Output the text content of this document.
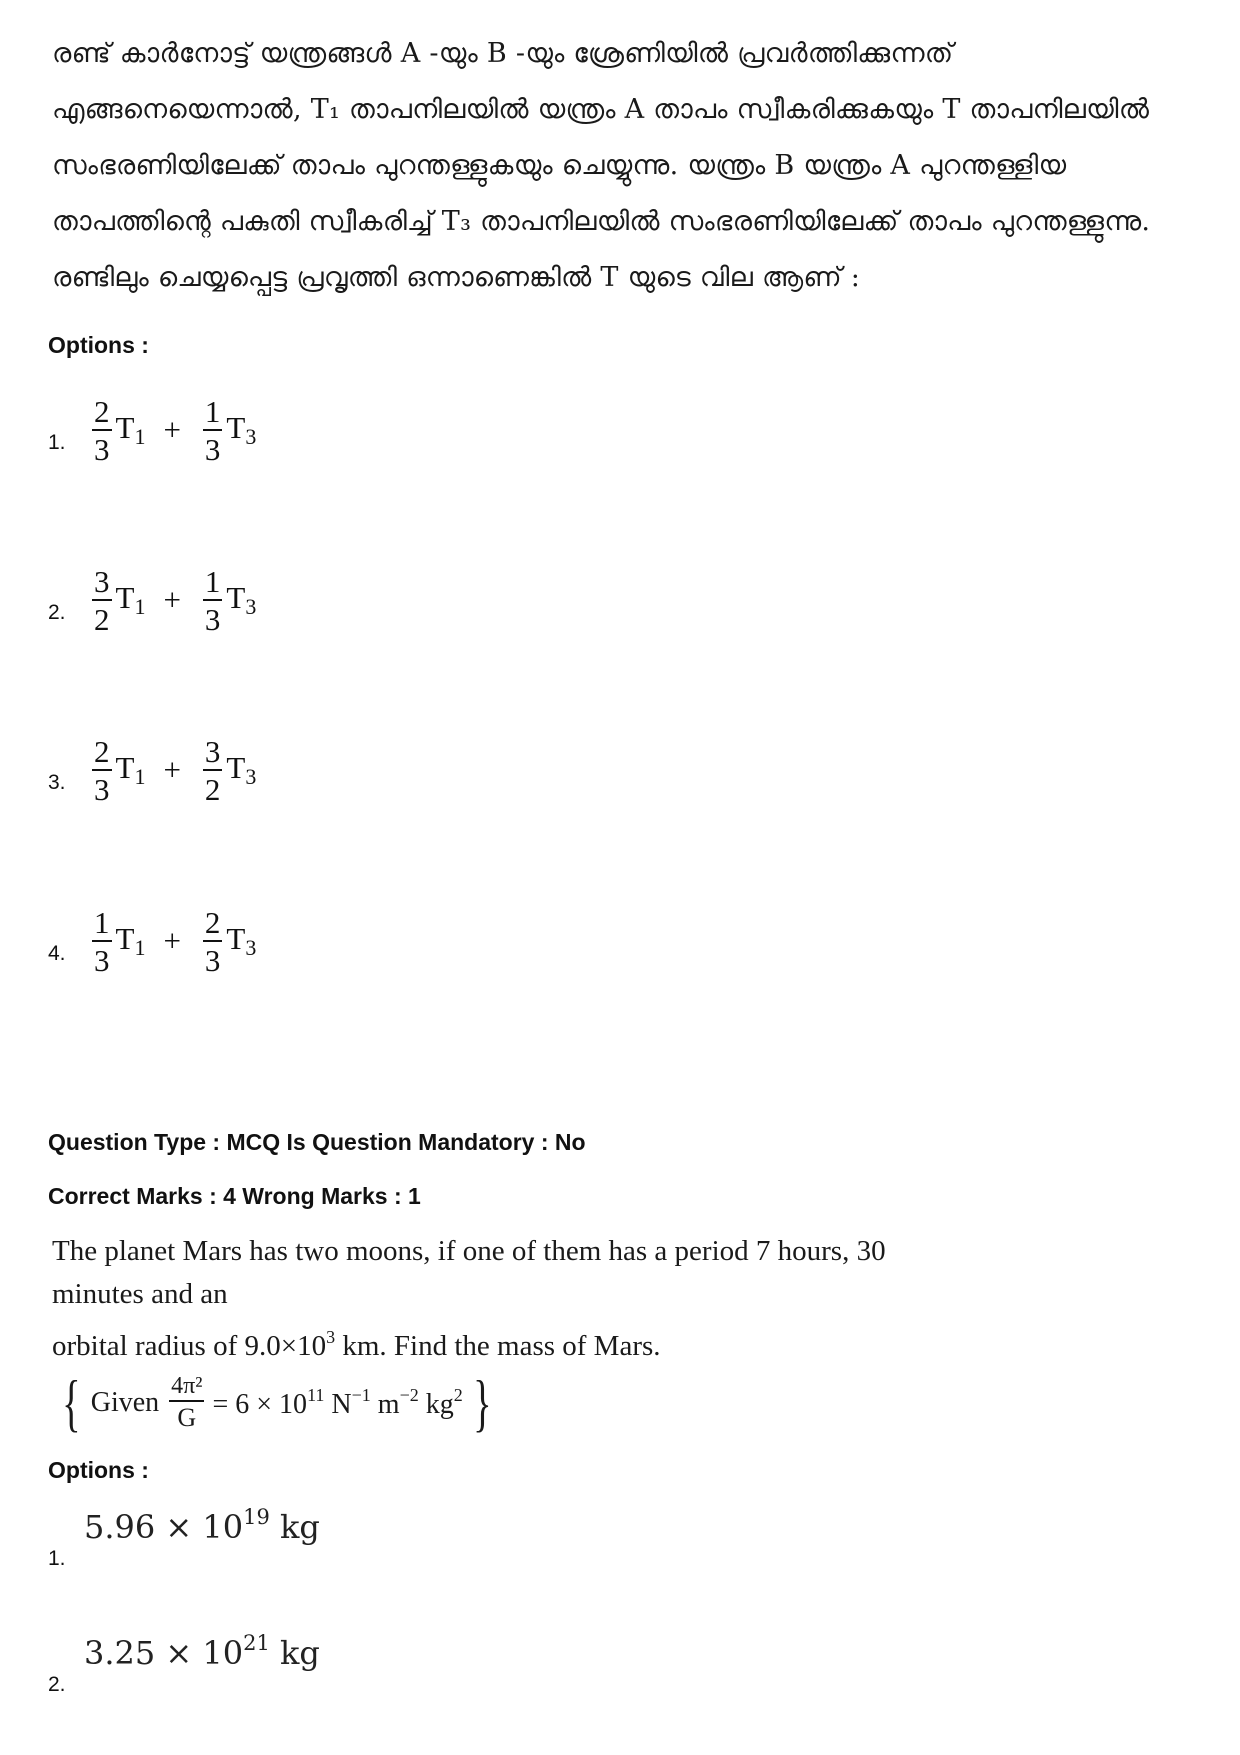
രണ്ട് കാർനോട്ട് യന്ത്രങ്ങൾ A -യും B -യും ശ്രേണിയിൽ പ്രവർത്തിക്കുന്നത്
എങ്ങനെയെന്നാൽ, T₁ താപനിലയിൽ യന്ത്രം A താപം സ്വീകരിക്കുകയും T താപനിലയിൽ
സംഭരണിയിലേക്ക് താപം പുറന്തള്ളുകയും ചെയ്യുന്നു. യന്ത്രം B യന്ത്രം A പുറന്തള്ളിയ
താപത്തിന്റെ പകുതി സ്വീകരിച്ച് T₃ താപനിലയിൽ സംഭരണിയിലേക്ക് താപം പുറന്തള്ളുന്നു.
രണ്ടിലും ചെയ്യപ്പെട്ട പ്രവൃത്തി ഒന്നാണെങ്കിൽ T യുടെ വില ആണ് :
Options :
1. $\frac{2}{3} T_1 + \frac{1}{3} T_3$
2. $\frac{3}{2} T_1 + \frac{1}{3} T_3$
3. $\frac{2}{3} T_1 + \frac{3}{2} T_3$
4. $\frac{1}{3} T_1 + \frac{2}{3} T_3$
Question Type : MCQ Is Question Mandatory : No
Correct Marks : 4 Wrong Marks : 1
The planet Mars has two moons, if one of them has a period 7 hours, 30 minutes and an
orbital radius of $9.0\times 10^3$ km. Find the mass of Mars.
{ Given $\frac{\text{4π²}}{G} = 6 \times 10^{11}$ $N^{-1}$ $m^{-2}$ $kg^2$ }
Options :
1.
$5.96 \times 10^{19}$ kg
2.
$3.25 \times 10^{21}$ kg
